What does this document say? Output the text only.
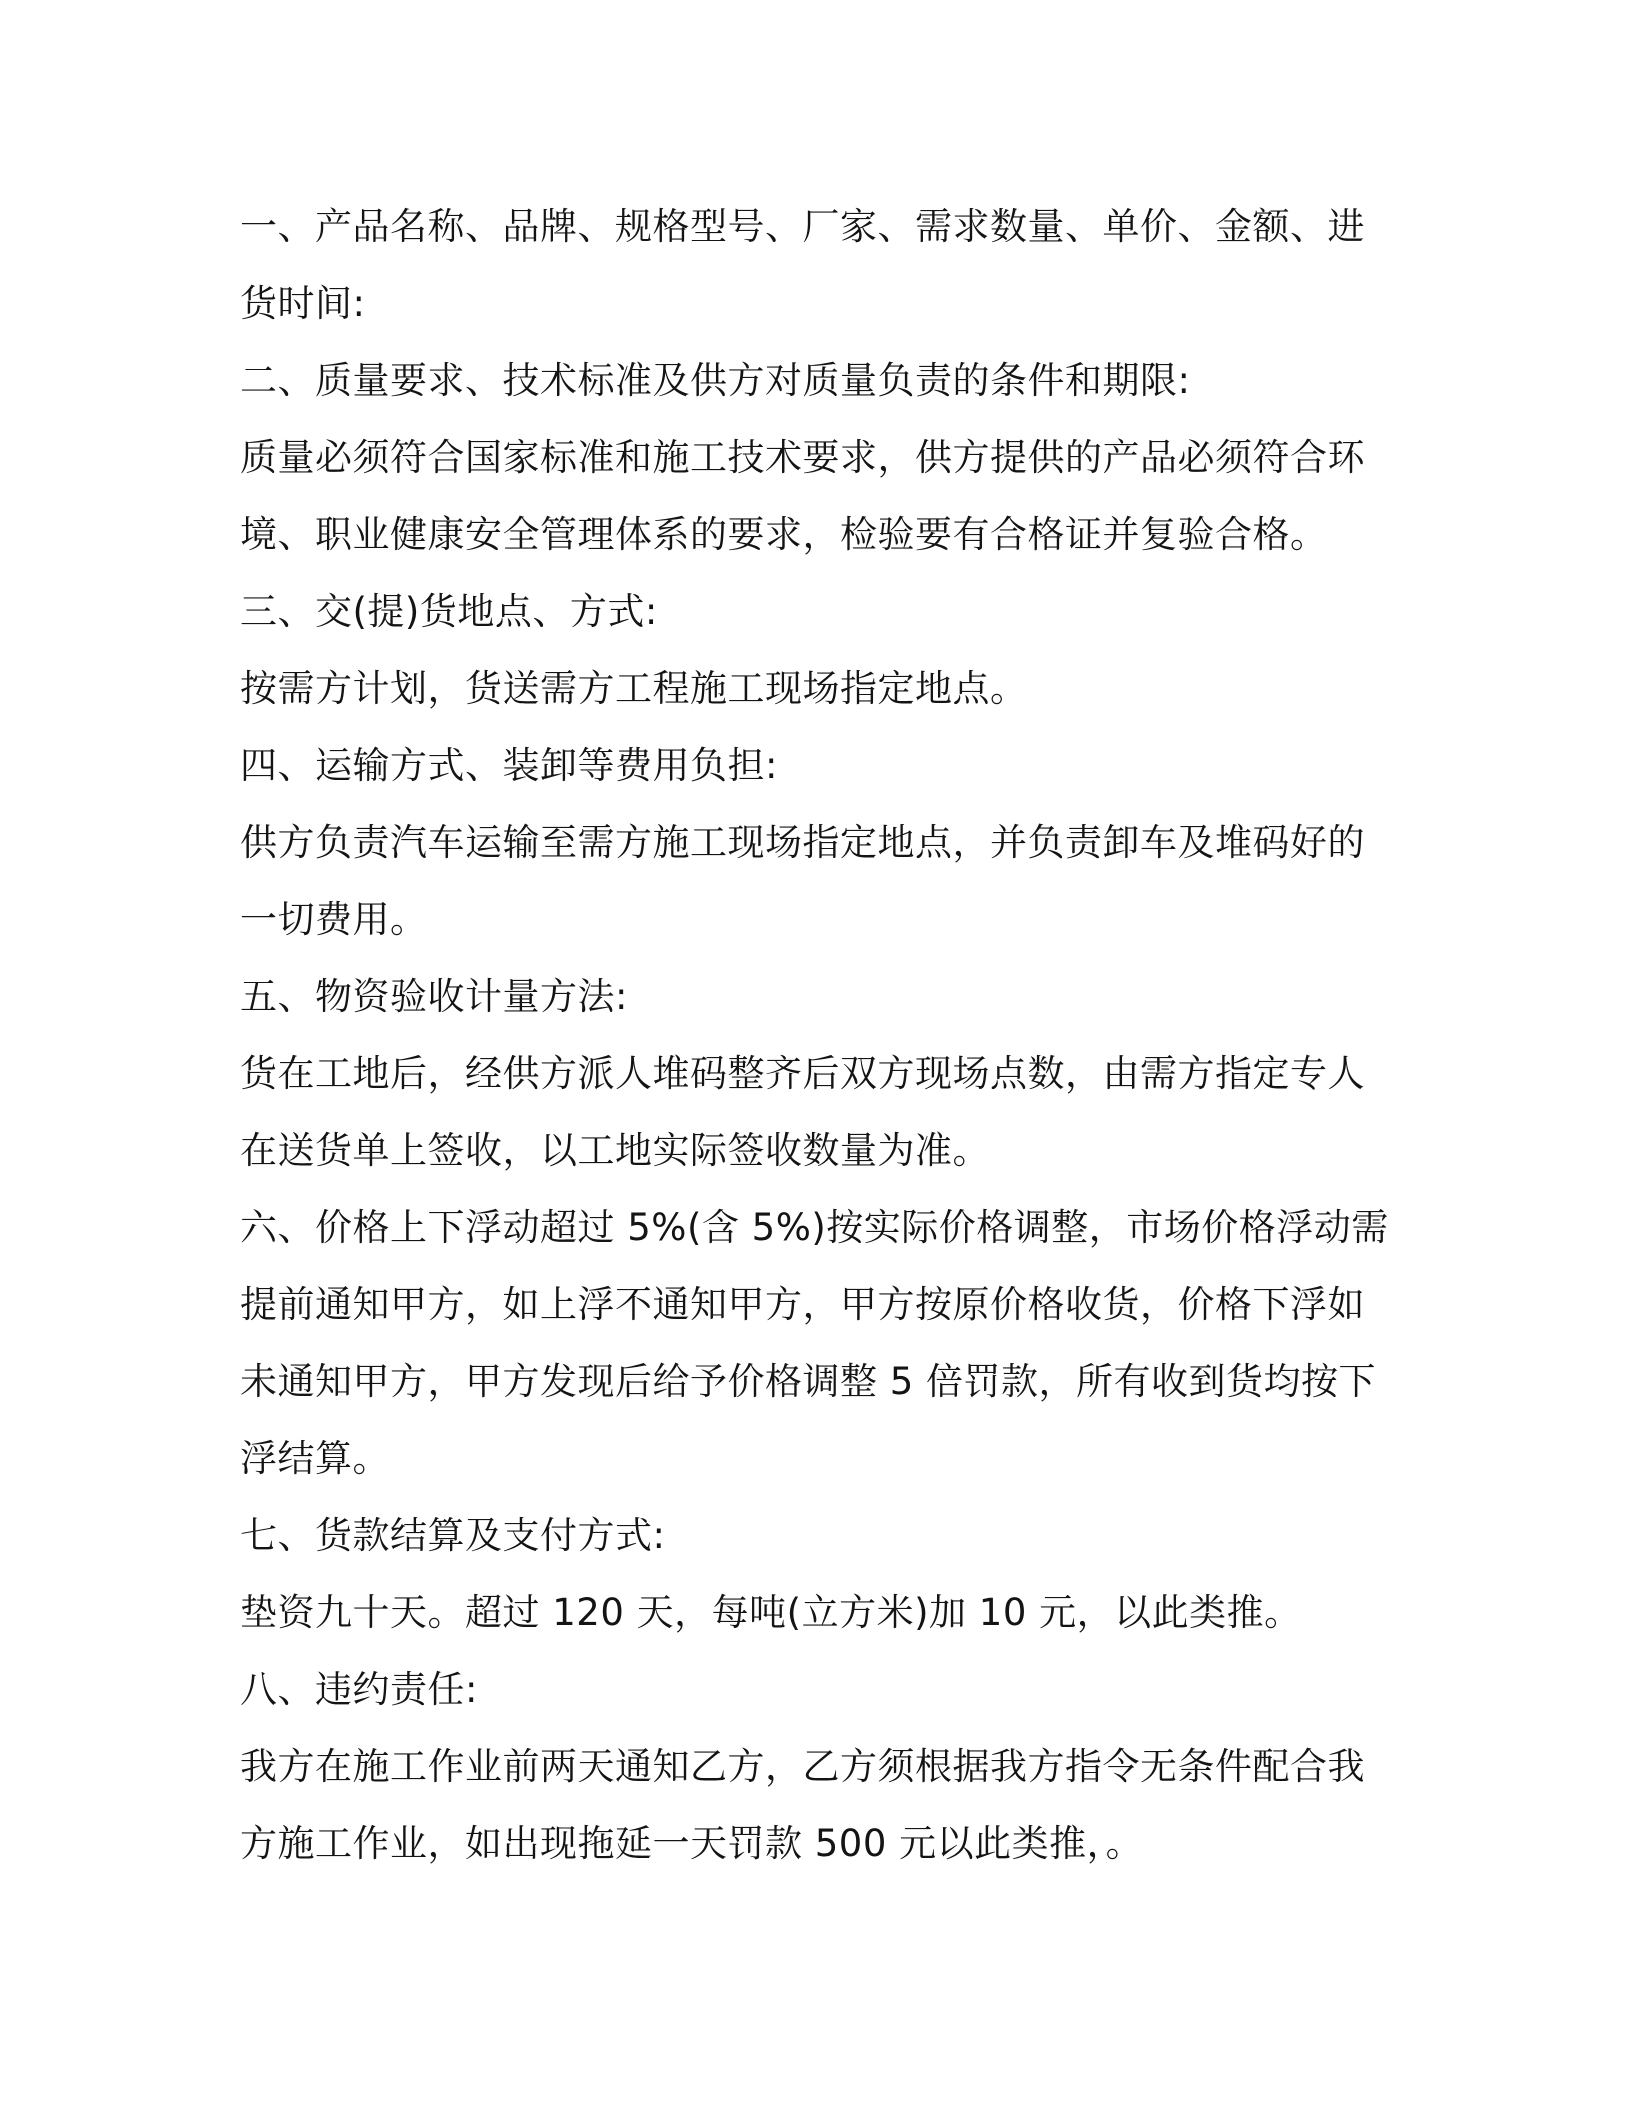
一、产品名称、品牌、规格型号、厂家、需求数量、单价、金额、进
货时间:
二、质量要求、技术标准及供方对质量负责的条件和期限:
质量必须符合国家标准和施工技术要求，供方提供的产品必须符合环
境、职业健康安全管理体系的要求，检验要有合格证并复验合格。
三、交(提)货地点、方式:
按需方计划，货送需方工程施工现场指定地点。
四、运输方式、装卸等费用负担:
供方负责汽车运输至需方施工现场指定地点，并负责卸车及堆码好的
一切费用。
五、物资验收计量方法:
货在工地后，经供方派人堆码整齐后双方现场点数，由需方指定专人
在送货单上签收，以工地实际签收数量为准。
六、价格上下浮动超过 5%(含 5%)按实际价格调整，市场价格浮动需
提前通知甲方，如上浮不通知甲方，甲方按原价格收货，价格下浮如
未通知甲方，甲方发现后给予价格调整 5 倍罚款，所有收到货均按下
浮结算。
七、货款结算及支付方式:
垫资九十天。超过 120 天，每吨(立方米)加 10 元，以此类推。
八、违约责任:
我方在施工作业前两天通知乙方，乙方须根据我方指令无条件配合我
方施工作业，如出现拖延一天罚款 500 元以此类推，。
